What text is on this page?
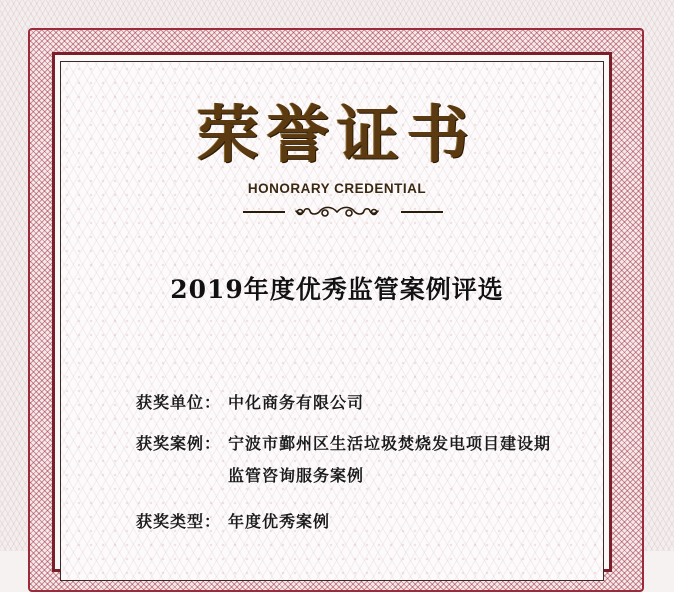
荣誉证书
HONORARY CREDENTIAL
2019年度优秀监管案例评选
获奖单位： 中化商务有限公司
获奖案例： 宁波市鄞州区生活垃圾焚烧发电项目建设期
监管咨询服务案例
获奖类型： 年度优秀案例
